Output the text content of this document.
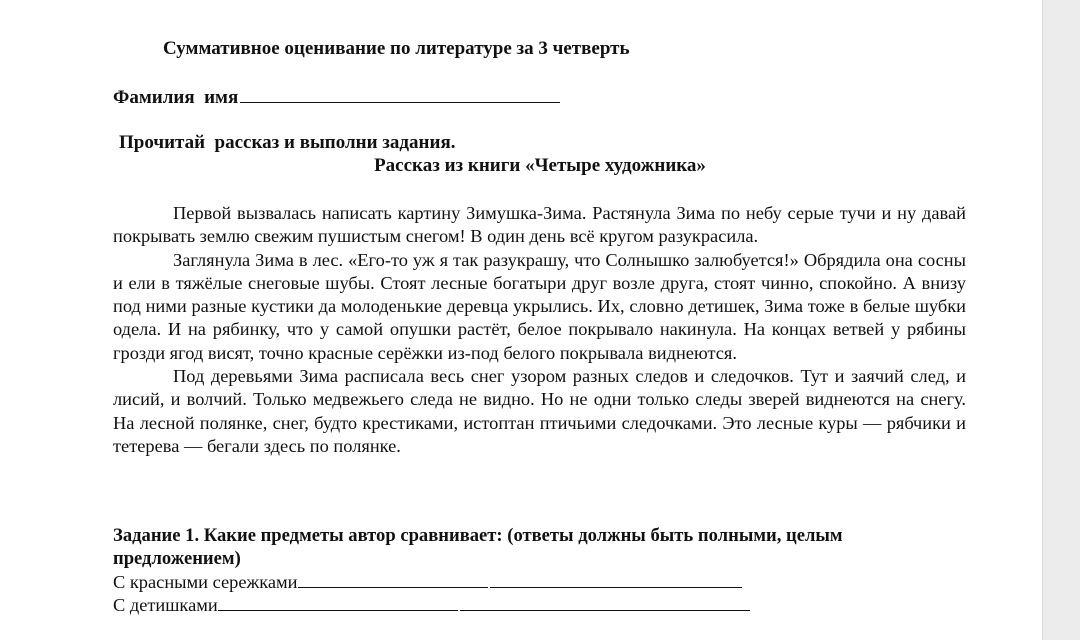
Суммативное оценивание по литературе за 3 четверть
Фамилия  имя
Прочитай  рассказ и выполни задания.
Рассказ из книги «Четыре художника»

Первой вызвалась написать картину Зимушка-Зима. Растянула Зима по небу серые тучи и ну давай покрывать землю свежим пушистым снегом! В один день всё кругом разукрасила.

Заглянула Зима в лес. «Его-то уж я так разукрашу, что Солнышко залюбуется!» Обрядила она сосны и ели в тяжёлые снеговые шубы. Стоят лесные богатыри друг возле друга, стоят чинно, спокойно. А внизу под ними разные кустики да молоденькие деревца укрылись. Их, словно детишек, Зима тоже в белые шубки одела. И на рябинку, что у самой опушки растёт, белое покрывало накинула. На концах ветвей у рябины грозди ягод висят, точно красные серёжки из-под белого покрывала виднеются.

Под деревьями Зима расписала весь снег узором разных следов и следочков. Тут и заячий след, и лисий, и волчий. Только медвежьего следа не видно. Но не одни только следы зверей виднеются на снегу. На лесной полянке, снег, будто крестиками, истоптан птичьими следочками. Это лесные куры — рябчики и тетерева — бегали здесь по полянке.

Задание 1. Какие предметы автор сравнивает: (ответы должны быть полными, целым предложением)
С красными сережками
С детишками
